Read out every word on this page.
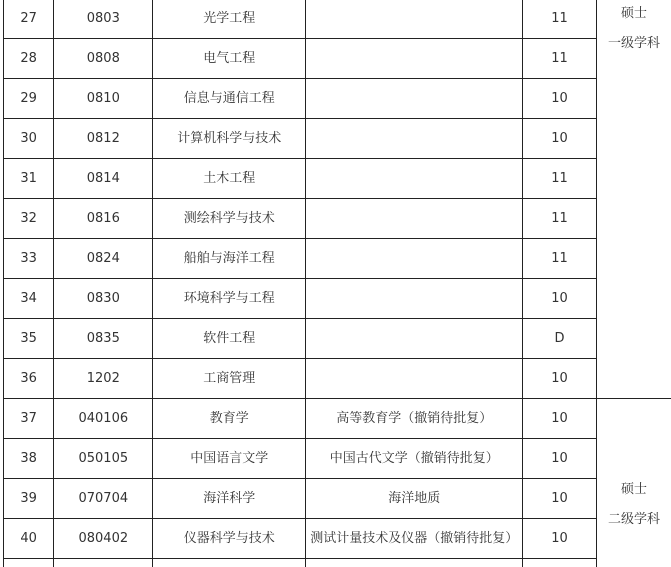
27	0803	光学工程		11	硕士
一级学科

28	0808	电气工程		11	
29	0810	信息与通信工程		10	
30	0812	计算机科学与技术		10	
31	0814	土木工程		11	
32	0816	测绘科学与技术		11	
33	0824	船舶与海洋工程		11	
34	0830	环境科学与工程		10	
35	0835	软件工程		D	
36	1202	工商管理		10	
37	040106	教育学	高等教育学（撤销待批复）	10	硕士
二级学科

38	050105	中国语言文学	中国古代文学（撤销待批复）	10	
39	070704	海洋科学	海洋地质	10	
40	080402	仪器科学与技术	测试计量技术及仪器（撤销待批复）	10	
